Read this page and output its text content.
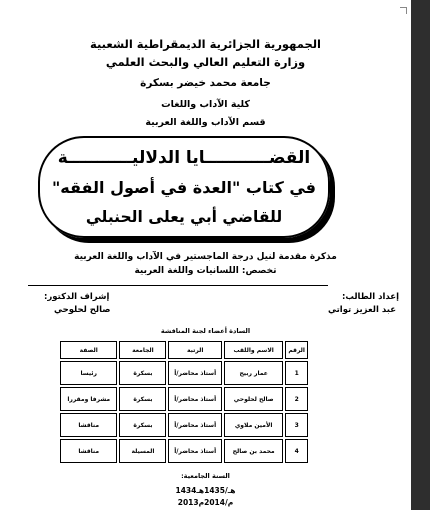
الجمهورية الجزائرية الديمقراطية الشعبية
وزارة التعليم العالي والبحث العلمي
جامعة محمد خيضر بسكرة
كلية الآداب واللغات
قسم الآداب واللغة العربية
القضـــــــــــايا الدلاليـــــــــــة
في كتاب "العدة في أصول الفقه"
للقاضي أبي يعلى الحنبلي
مذكرة مقدمة لنيل درجة الماجستير في الآداب واللغة العربية
تخصص: اللسانيات واللغة العربية
إعداد الطالب:
عبد العزيز تواتي
إشراف الدكتور:
صالح لحلوحي
السادة أعضاء لجنة المناقشة
الرقم	الاسم واللقب	الرتبة	الجامعة	الصفة
1	عمار ربيح	أستاذ محاضر/أ	بسكرة	رئيسا
2	صالح لحلوحي	أستاذ محاضر/أ	بسكرة	مشرفا ومقررا
3	الأمين ملاوي	أستاذ محاضر/أ	بسكرة	مناقشا
4	محمد بن صالح	أستاذ محاضر/أ	المسيلة	مناقشا
السنة الجامعية:
1434هـ/1435هـ
2013م/2014م
